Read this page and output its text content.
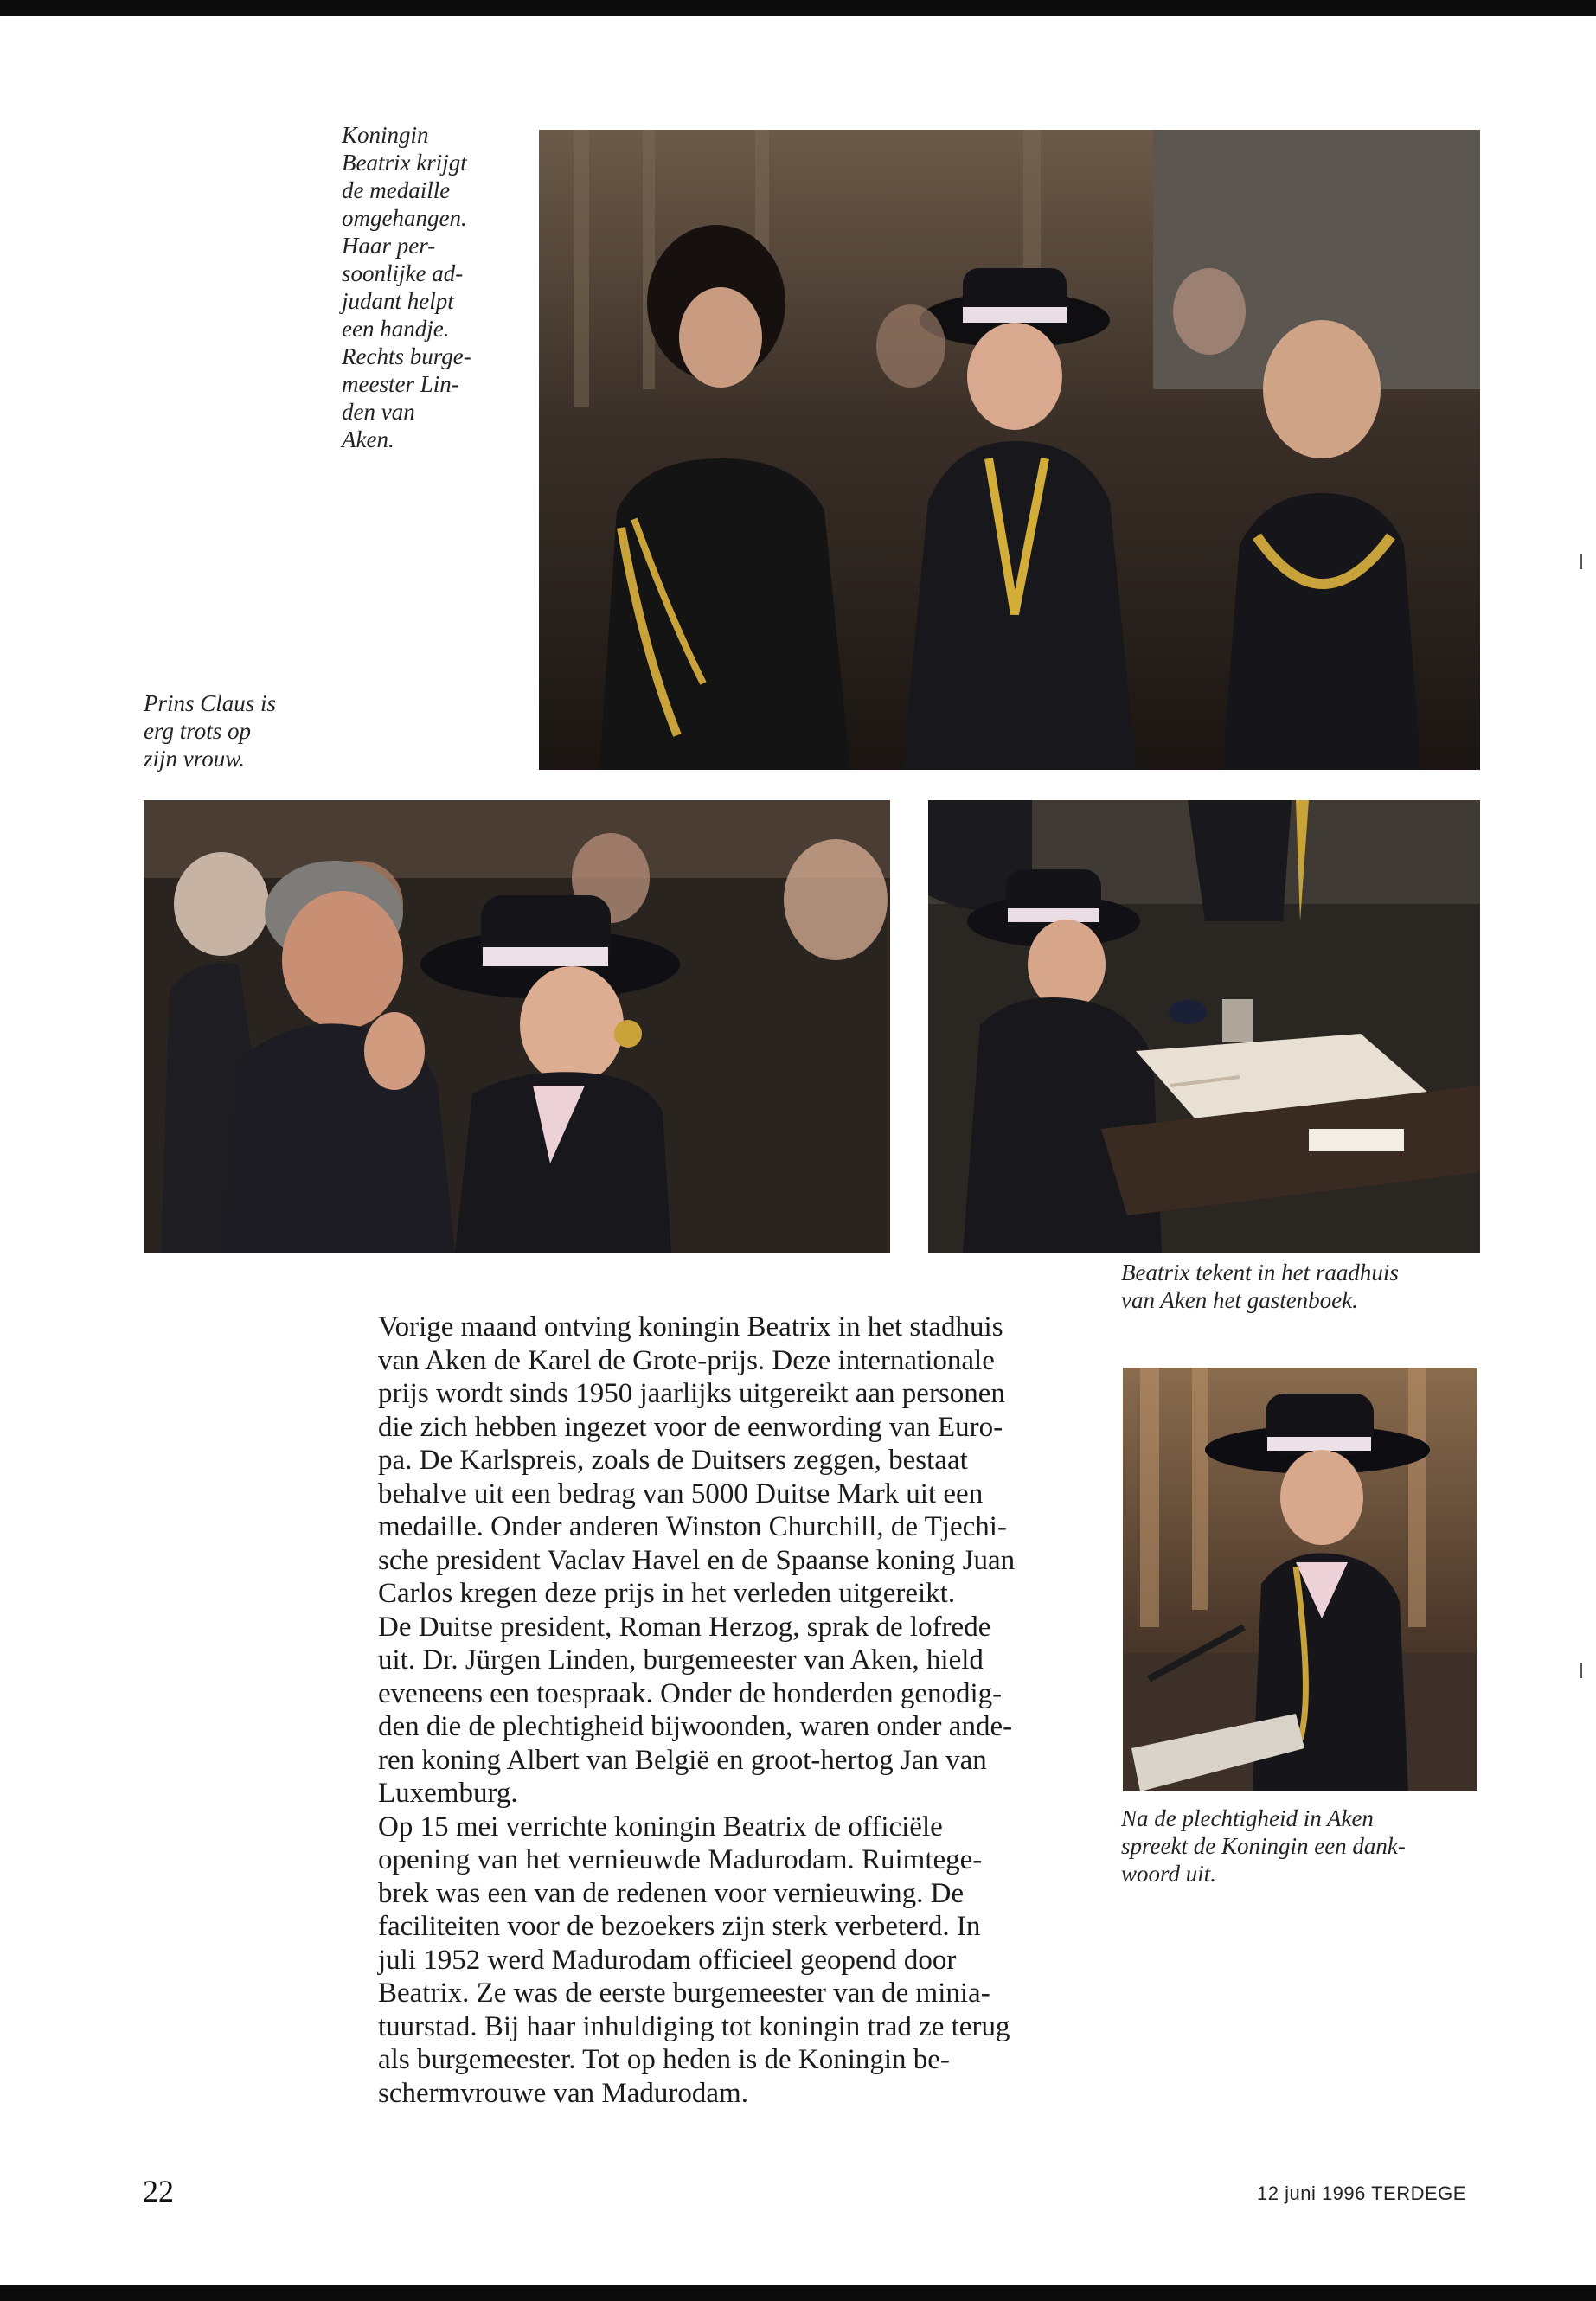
Koningin
Beatrix krijgt
de medaille
omgehangen.
Haar per-
soonlijke ad-
judant helpt
een handje.
Rechts burge-
meester Lin-
den van
Aken.
Prins Claus is
erg trots op
zijn vrouw.
Beatrix tekent in het raadhuis
van Aken het gastenboek.
Vorige maand ontving koningin Beatrix in het stadhuis
van Aken de Karel de Grote-prijs. Deze internationale
prijs wordt sinds 1950 jaarlijks uitgereikt aan personen
die zich hebben ingezet voor de eenwording van Euro-
pa. De Karlspreis, zoals de Duitsers zeggen, bestaat
behalve uit een bedrag van 5000 Duitse Mark uit een
medaille. Onder anderen Winston Churchill, de Tjechi-
sche president Vaclav Havel en de Spaanse koning Juan
Carlos kregen deze prijs in het verleden uitgereikt.
De Duitse president, Roman Herzog, sprak de lofrede
uit. Dr. Jürgen Linden, burgemeester van Aken, hield
eveneens een toespraak. Onder de honderden genodig-
den die de plechtigheid bijwoonden, waren onder ande-
ren koning Albert van België en groot-hertog Jan van
Luxemburg.
Op 15 mei verrichte koningin Beatrix de officiële
opening van het vernieuwde Madurodam. Ruimtege-
brek was een van de redenen voor vernieuwing. De
faciliteiten voor de bezoekers zijn sterk verbeterd. In
juli 1952 werd Madurodam officieel geopend door
Beatrix. Ze was de eerste burgemeester van de minia-
tuurstad. Bij haar inhuldiging tot koningin trad ze terug
als burgemeester. Tot op heden is de Koningin be-
schermvrouwe van Madurodam.
Na de plechtigheid in Aken
spreekt de Koningin een dank-
woord uit.
22	12 juni 1996 TERDEGE
